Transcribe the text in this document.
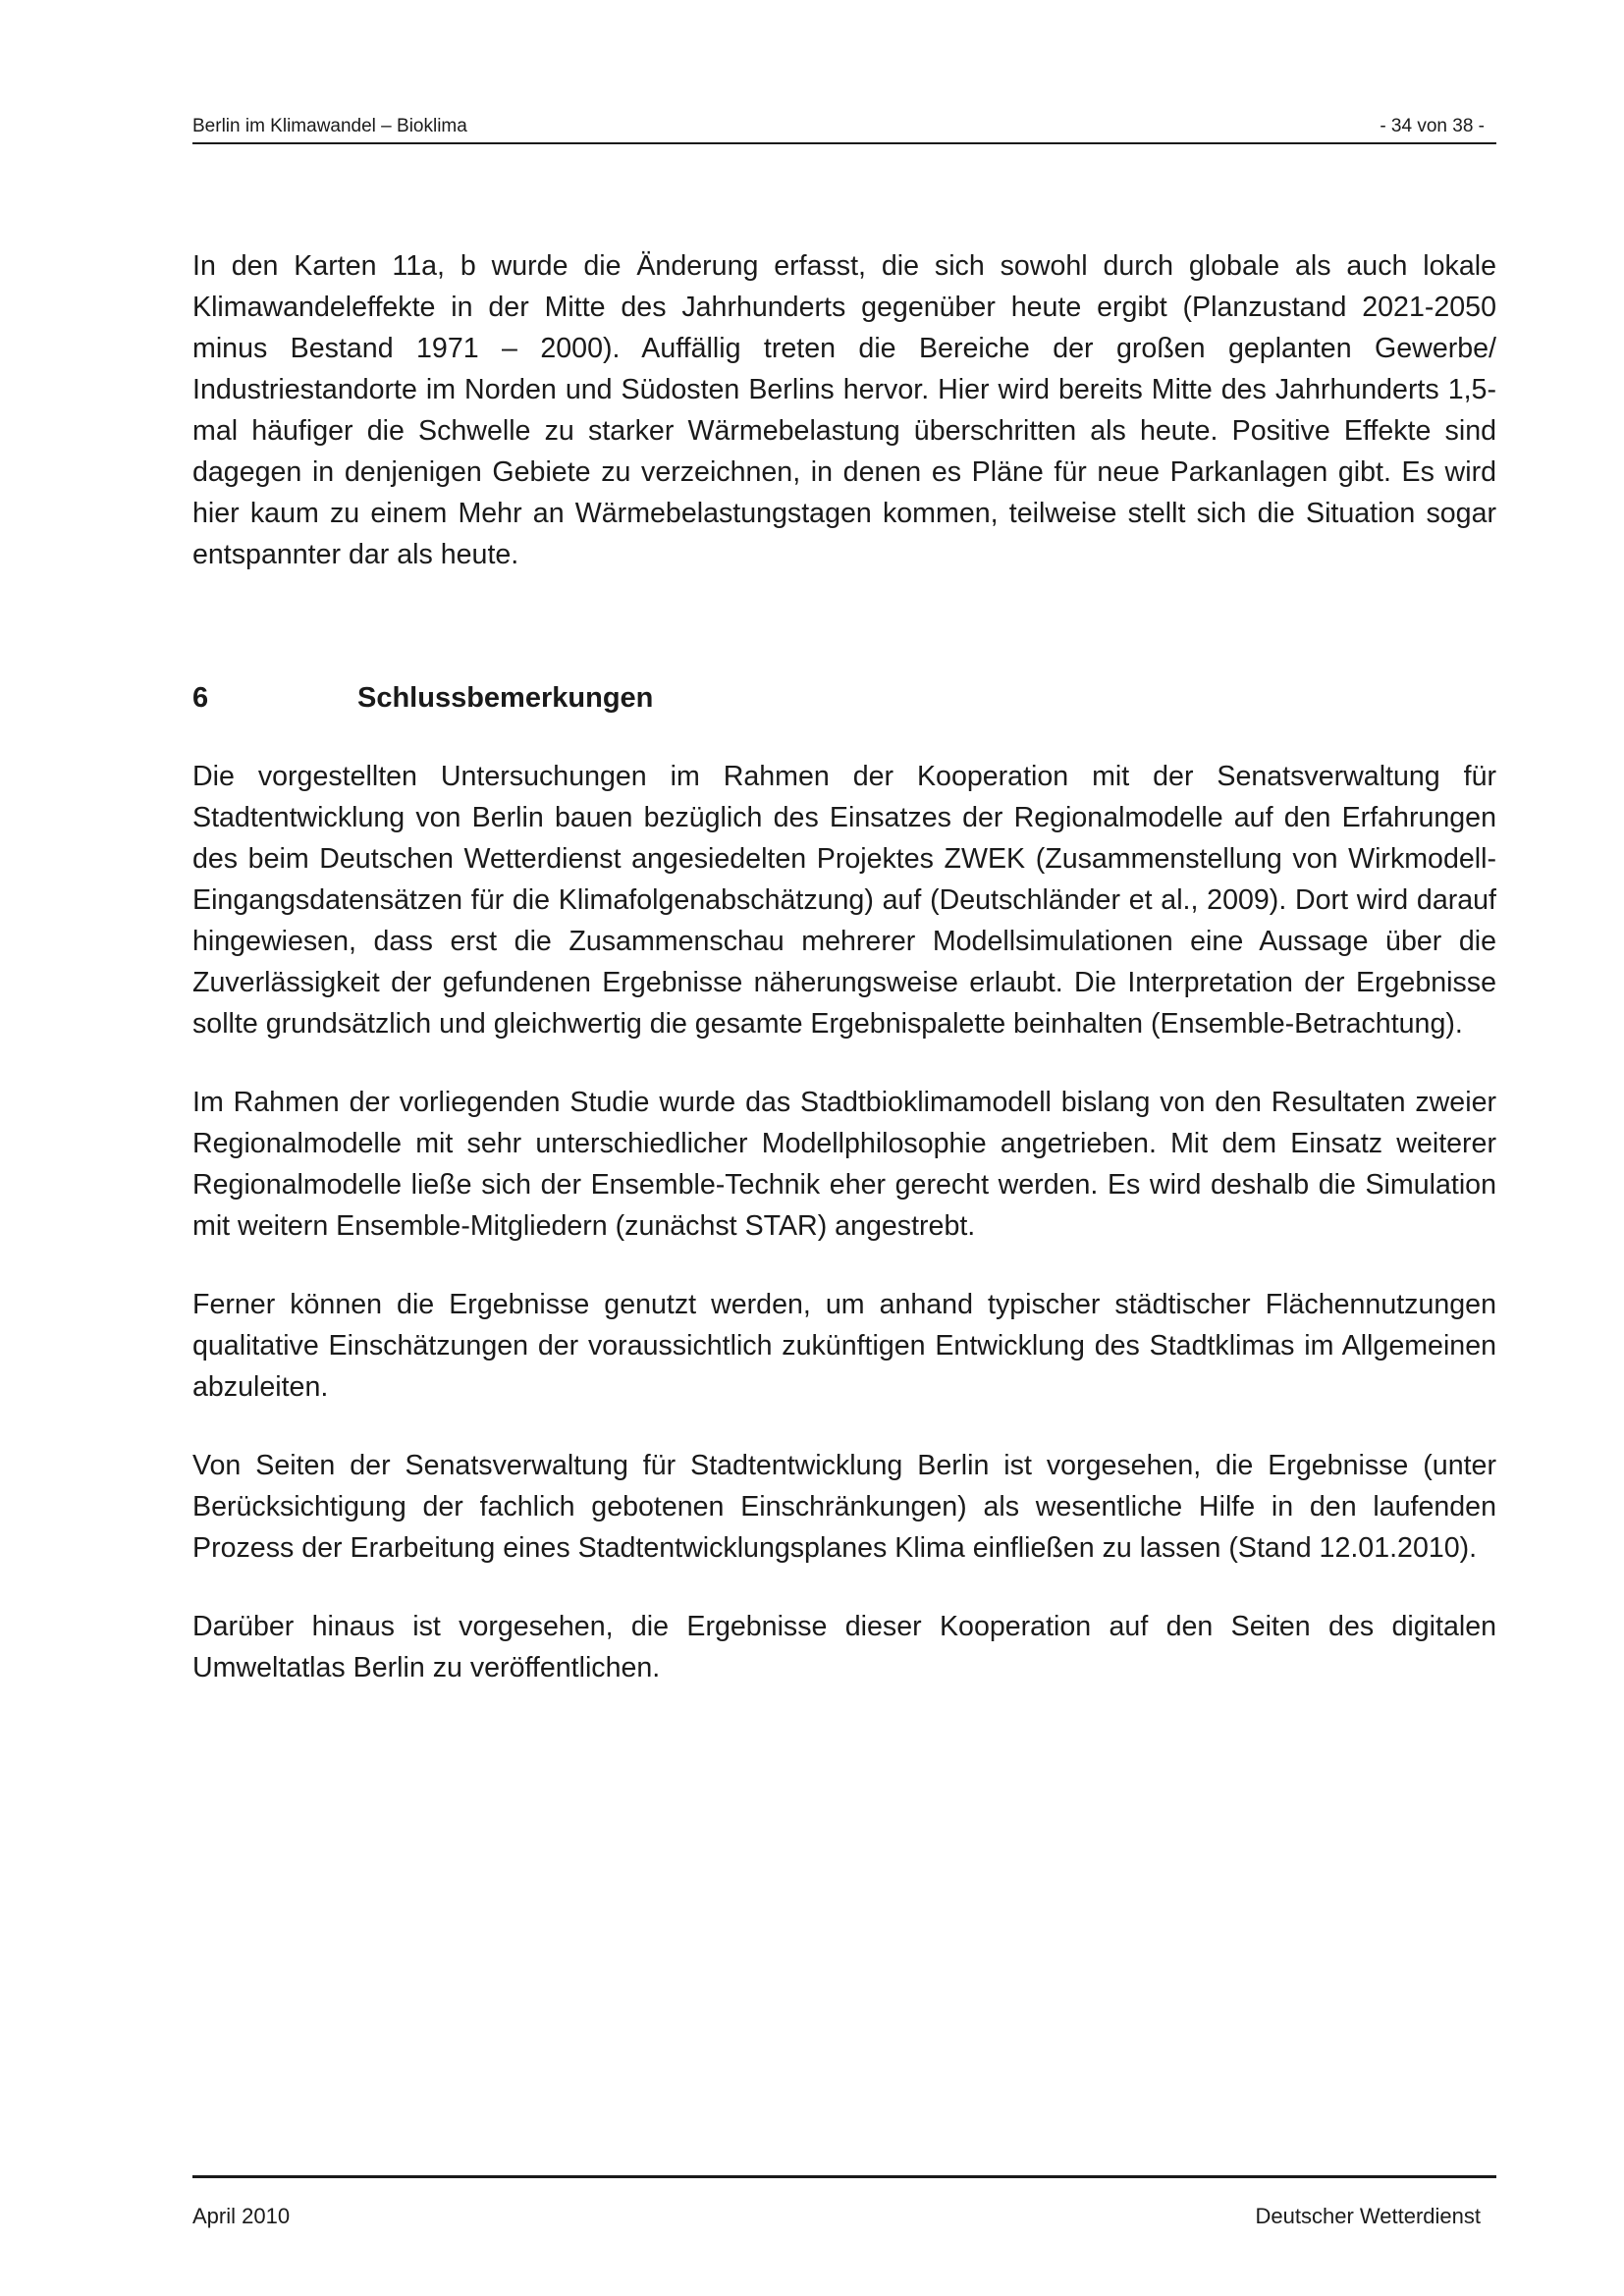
Berlin im Klimawandel – Bioklima	- 34 von 38 -

In den Karten 11a, b wurde die Änderung erfasst, die sich sowohl durch globale als auch lokale Klimawandeleffekte in der Mitte des Jahrhunderts gegenüber heute ergibt (Planzustand 2021-2050 minus Bestand 1971 – 2000). Auffällig treten die Bereiche der großen geplanten Gewerbe/ Industriestandorte im Norden und Südosten Berlins hervor. Hier wird bereits Mitte des Jahrhunderts 1,5-mal häufiger die Schwelle zu starker Wärmebelastung überschritten als heute. Positive Effekte sind dagegen in denjenigen Gebiete zu verzeichnen, in denen es Pläne für neue Parkanlagen gibt. Es wird hier kaum zu einem Mehr an Wärmebelastungstagen kommen, teilweise stellt sich die Situation sogar entspannter dar als heute.

6	Schlussbemerkungen

Die vorgestellten Untersuchungen im Rahmen der Kooperation mit der Senatsverwaltung für Stadtentwicklung von Berlin bauen bezüglich des Einsatzes der Regionalmodelle auf den Erfahrungen des beim Deutschen Wetterdienst angesiedelten Projektes ZWEK (Zusammenstellung von Wirkmodell-Eingangsdatensätzen für die Klimafolgenabschätzung) auf (Deutschländer et al., 2009). Dort wird darauf hingewiesen, dass erst die Zusammenschau mehrerer Modellsimulationen eine Aussage über die Zuverlässigkeit der gefundenen Ergebnisse näherungsweise erlaubt. Die Interpretation der Ergebnisse sollte grundsätzlich und gleichwertig die gesamte Ergebnispalette beinhalten (Ensemble-Betrachtung).

Im Rahmen der vorliegenden Studie wurde das Stadtbioklimamodell bislang von den Resultaten zweier Regionalmodelle mit sehr unterschiedlicher Modellphilosophie angetrieben. Mit dem Einsatz weiterer Regionalmodelle ließe sich der Ensemble-Technik eher gerecht werden. Es wird deshalb die Simulation mit weitern Ensemble-Mitgliedern (zunächst STAR) angestrebt.

Ferner können die Ergebnisse genutzt werden, um anhand typischer städtischer Flächennutzungen qualitative Einschätzungen der voraussichtlich zukünftigen Entwicklung des Stadtklimas im Allgemeinen abzuleiten.

Von Seiten der Senatsverwaltung für Stadtentwicklung Berlin ist vorgesehen, die Ergebnisse (unter Berücksichtigung der fachlich gebotenen Einschränkungen) als wesentliche Hilfe in den laufenden Prozess der Erarbeitung eines Stadtentwicklungsplanes Klima einfließen zu lassen (Stand 12.01.2010).

Darüber hinaus ist vorgesehen, die Ergebnisse dieser Kooperation auf den Seiten des digitalen Umweltatlas Berlin zu veröffentlichen.

April 2010	Deutscher Wetterdienst
